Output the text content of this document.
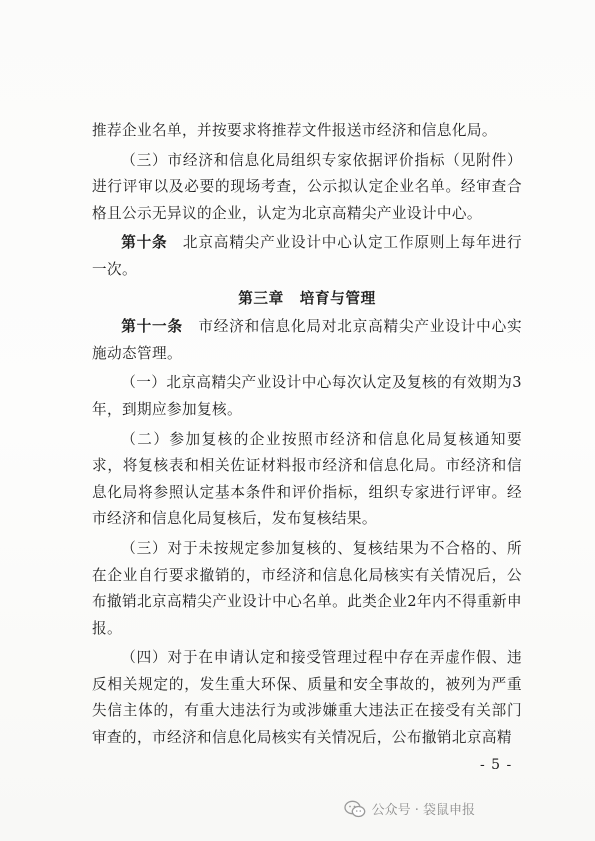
推荐企业名单，并按要求将推荐文件报送市经济和信息化局。

（三）市经济和信息化局组织专家依据评价指标（见附件）进行评审以及必要的现场考查，公示拟认定企业名单。经审查合格且公示无异议的企业，认定为北京高精尖产业设计中心。

第十条　 北京高精尖产业设计中心认定工作原则上每年进行一次。

第三章 培育与管理

第十一条　 市经济和信息化局对北京高精尖产业设计中心实施动态管理。

（一）北京高精尖产业设计中心每次认定及复核的有效期为3年，到期应参加复核。

（二）参加复核的企业按照市经济和信息化局复核通知要求，将复核表和相关佐证材料报市经济和信息化局。市经济和信息化局将参照认定基本条件和评价指标，组织专家进行评审。经市经济和信息化局复核后，发布复核结果。

（三）对于未按规定参加复核的、复核结果为不合格的、所在企业自行要求撤销的，市经济和信息化局核实有关情况后，公布撤销北京高精尖产业设计中心名单。此类企业2年内不得重新申报。

（四）对于在申请认定和接受管理过程中存在弄虚作假、违反相关规定的，发生重大环保、质量和安全事故的，被列为严重失信主体的，有重大违法行为或涉嫌重大违法正在接受有关部门审查的，市经济和信息化局核实有关情况后，公布撤销北京高精

- 5 -
公众号 · 袋鼠申报
